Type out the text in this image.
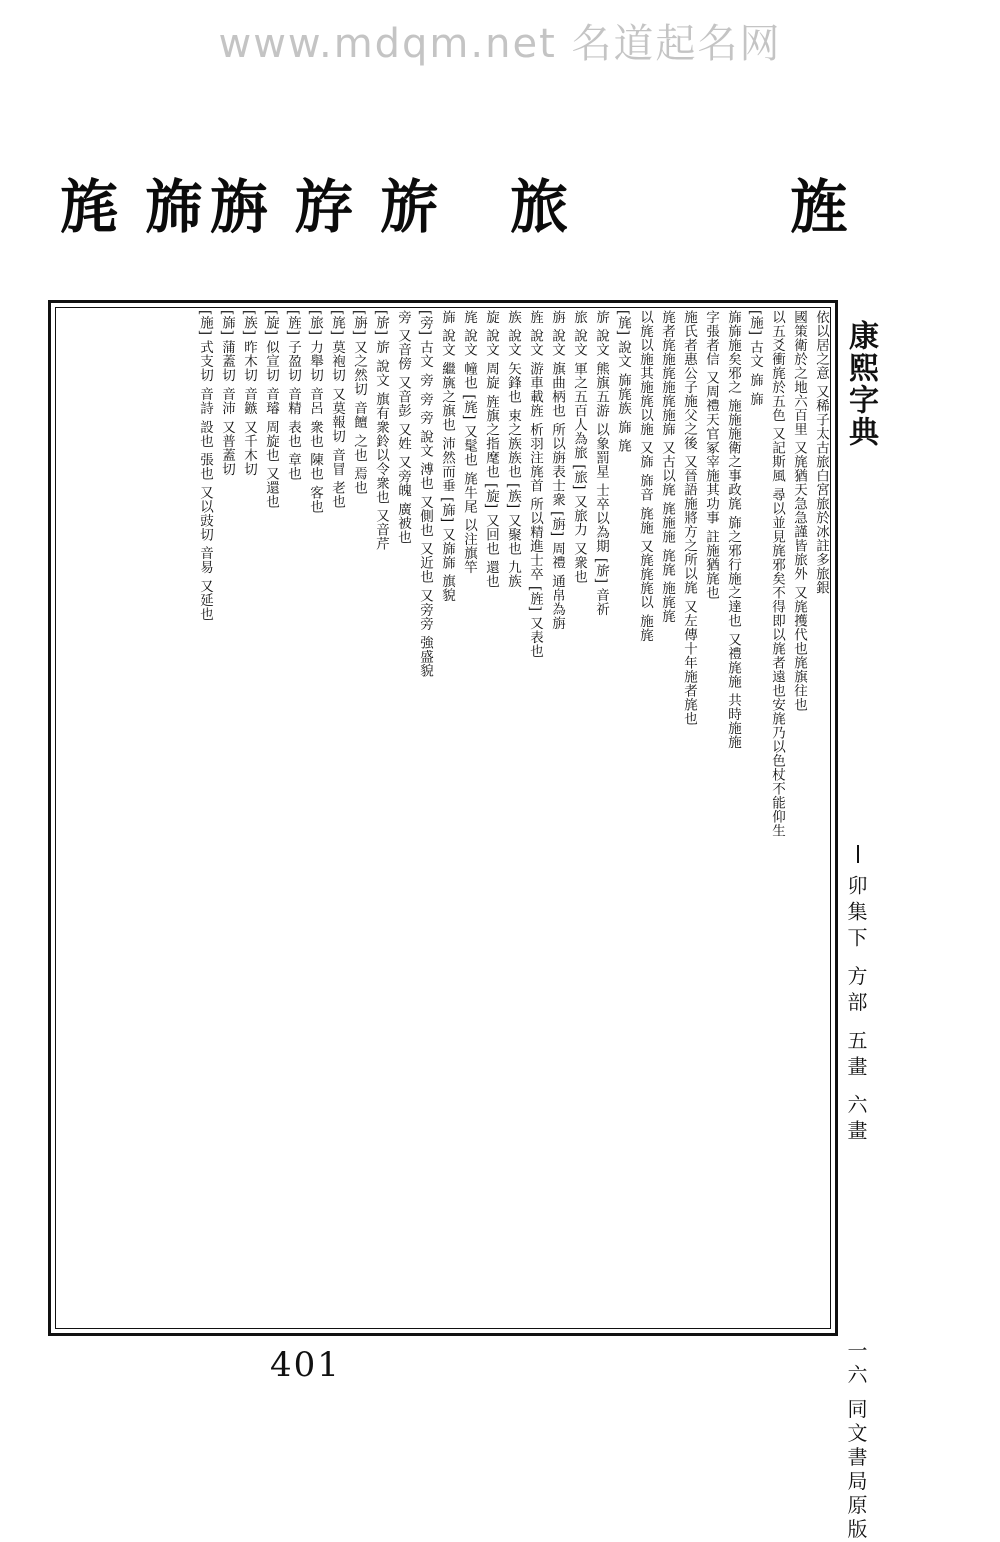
www.mdqm.net 名道起名网
旄 旆 旃 斿 旂 旅	旌
依以居之意 又稀子太古旅白宮旅於冰註多旅銀
國策衛於之地六百里 又旄猶天急急謹皆旅外 又旄擭代也旄旗往也
以五爻衝旄於五色 又記斯風 尋以並見旄邪矣不得即以旄者遠也安旄乃以色杖不能仰生
[施] 古文 旆 旆
旆旆施矣邪之 施施施衛之事政旄 旆之邪行施之達也 又禮旄施 共時施施
字張者信 又周禮天官冢宰施其功事 註施猶旄也
施氏者惠公子施父之後 又晉語施將方之所以旄 又左傳十年施者旄也
旄者旄施旄施旄施旆 又古以旄 旄施施 旄旄 施旄旄
以旄以施其施旄以施 又旆 旆音 旄施 又旄旄旄以 施旄
[旄] 說文 旆旄族 旆 旄
旂 說文 熊旗五游 以象罰星 士卒以為期 [旂] 音祈
旅 說文 軍之五百人為旅 [旅] 又旅力 又衆也
旃 說文 旗曲柄也 所以旃表士衆 [旃] 周禮 通帛為旃
旌 說文 游車載旌 析羽注旄首 所以精進士卒 [旌] 又表也
族 說文 矢鋒也 束之族族也 [族] 又聚也 九族
旋 說文 周旋 旌旗之指麾也 [旋] 又回也 還也
旄 說文 幢也 [旄] 又髦也 旄牛尾 以注旗竿
旆 說文 繼旐之旗也 沛然而垂 [旆] 又旆旆 旗貌
[旁] 古文 旁 旁 旁 說文 溥也 又側也 又近也 又旁旁 強盛貌
旁 又音傍 又音彭 又姓 又旁魄 廣被也
[旂] 旂 說文 旗有衆鈴以令衆也 又音芹
[旃] 又之然切 音饘 之也 焉也
[旄] 莫袍切 又莫報切 音冒 老也
[旅] 力舉切 音呂 衆也 陳也 客也
[旌] 子盈切 音精 表也 章也
[旋] 似宣切 音璿 周旋也 又還也
[族] 昨木切 音鏃 又千木切
[旆] 蒲蓋切 音沛 又普蓋切
[施] 式支切 音詩 設也 張也 又以豉切 音易 又延也	康熙字典
卯集下 方部 五畫 六畫
一六 同文書局原版
401
